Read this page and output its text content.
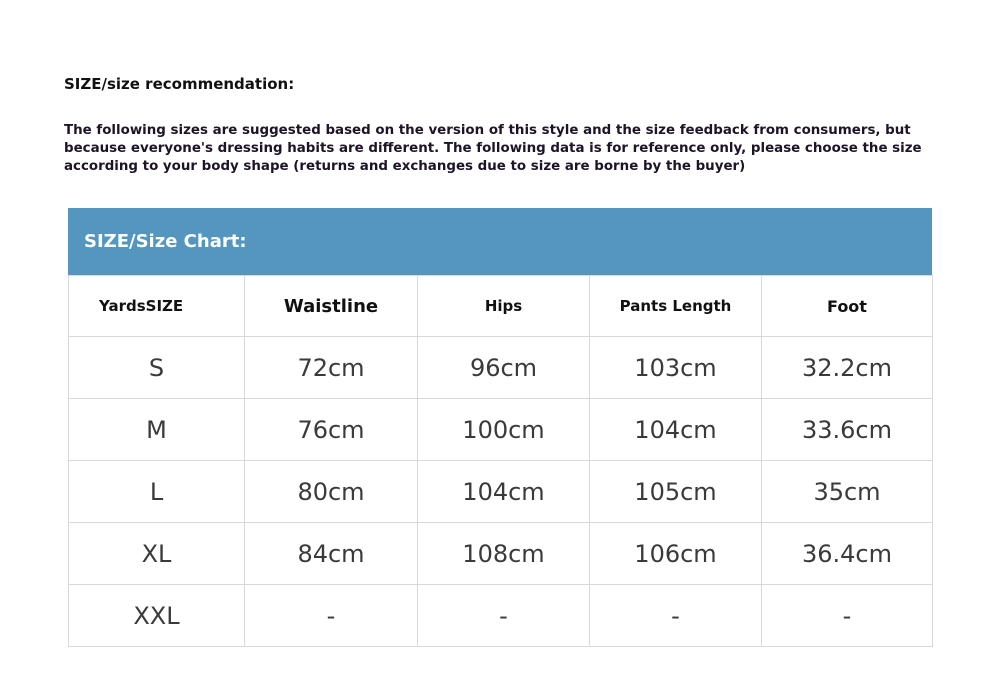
SIZE/size recommendation:
The following sizes are suggested based on the version of this style and the size feedback from consumers, but
because everyone's dressing habits are different. The following data is for reference only, please choose the size
according to your body shape (returns and exchanges due to size are borne by the buyer)
SIZE/Size Chart:
YardsSIZE	Waistline	Hips	Pants Length	Foot
S	72cm	96cm	103cm	32.2cm
M	76cm	100cm	104cm	33.6cm
L	80cm	104cm	105cm	35cm
XL	84cm	108cm	106cm	36.4cm
XXL	-	-	-	-
